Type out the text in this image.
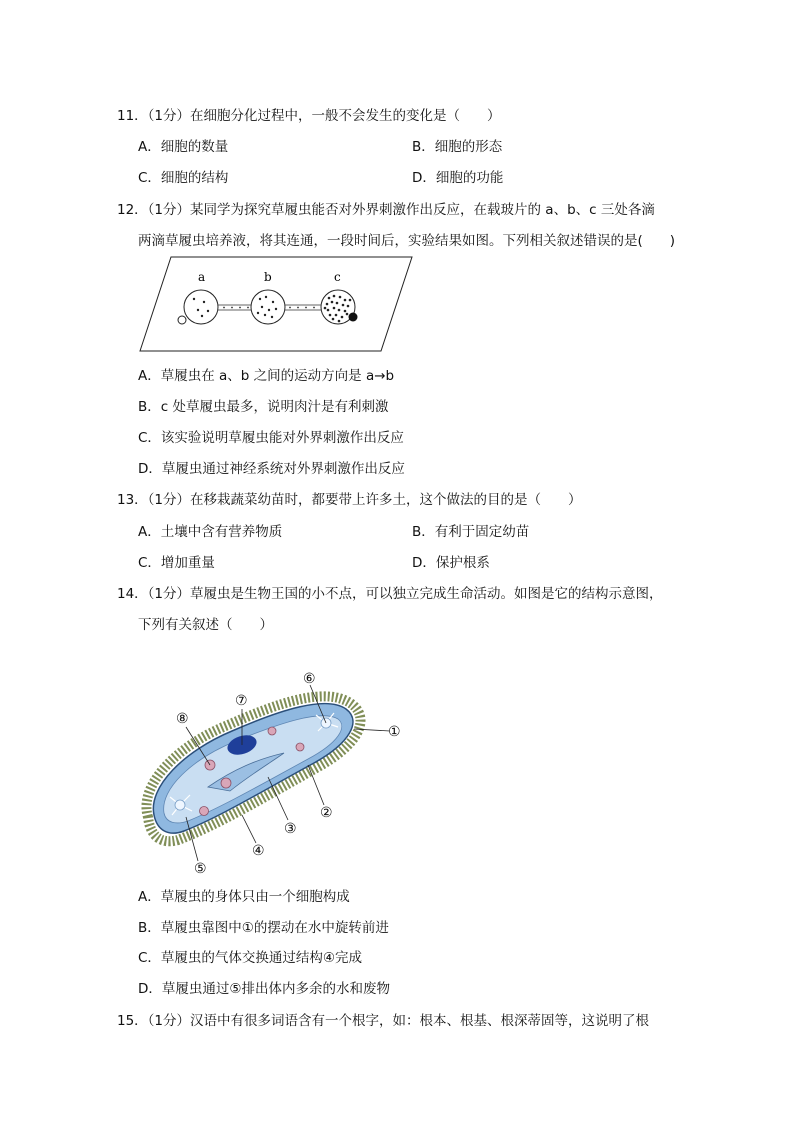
11．（1分）在细胞分化过程中，一般不会发生的变化是（　　）
A．细胞的数量	B．细胞的形态
C．细胞的结构	D．细胞的功能
12．（1分）某同学为探究草履虫能否对外界刺激作出反应，在载玻片的 a、b、c 三处各滴
两滴草履虫培养液，将其连通，一段时间后，实验结果如图。下列相关叙述错误的是(　　)
a	b	c
A．草履虫在 a、b 之间的运动方向是 a→b
B．c 处草履虫最多，说明肉汁是有利刺激
C．该实验说明草履虫能对外界刺激作出反应
D．草履虫通过神经系统对外界刺激作出反应
13．（1分）在移栽蔬菜幼苗时，都要带上许多土，这个做法的目的是（　　）
A．土壤中含有营养物质	B．有利于固定幼苗
C．增加重量	D．保护根系
14．（1分）草履虫是生物王国的小不点，可以独立完成生命活动。如图是它的结构示意图，
下列有关叙述（　　）
①
②
③
④
⑤
⑥
⑦
⑧
A．草履虫的身体只由一个细胞构成
B．草履虫靠图中①的摆动在水中旋转前进
C．草履虫的气体交换通过结构④完成
D．草履虫通过⑤排出体内多余的水和废物
15．（1分）汉语中有很多词语含有一个根字，如：根本、根基、根深蒂固等，这说明了根
